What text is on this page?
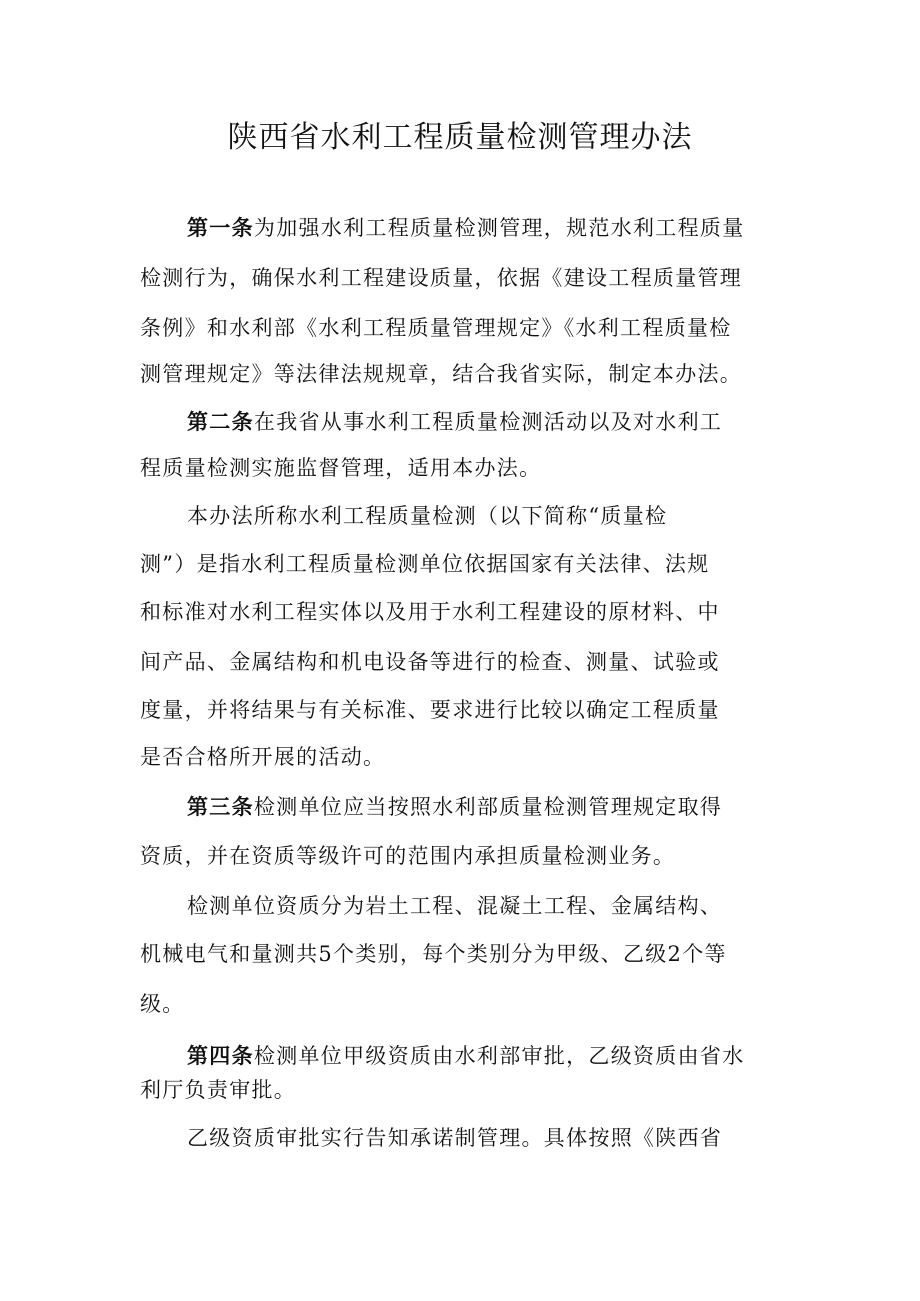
陕西省水利工程质量检测管理办法
第一条为加强水利工程质量检测管理，规范水利工程质量
检测行为，确保水利工程建设质量，依据《建设工程质量管理
条例》和水利部《水利工程质量管理规定》《水利工程质量检
测管理规定》等法律法规规章，结合我省实际，制定本办法。
第二条在我省从事水利工程质量检测活动以及对水利工
程质量检测实施监督管理，适用本办法。
本办法所称水利工程质量检测（以下简称“质量检
测”）是指水利工程质量检测单位依据国家有关法律、法规
和标准对水利工程实体以及用于水利工程建设的原材料、中
间产品、金属结构和机电设备等进行的检查、测量、试验或
度量，并将结果与有关标准、要求进行比较以确定工程质量
是否合格所开展的活动。
第三条检测单位应当按照水利部质量检测管理规定取得
资质，并在资质等级许可的范围内承担质量检测业务。
检测单位资质分为岩土工程、混凝土工程、金属结构、
机械电气和量测共5个类别，每个类别分为甲级、乙级2个等
级。
第四条检测单位甲级资质由水利部审批，乙级资质由省水
利厅负责审批。
乙级资质审批实行告知承诺制管理。具体按照《陕西省
